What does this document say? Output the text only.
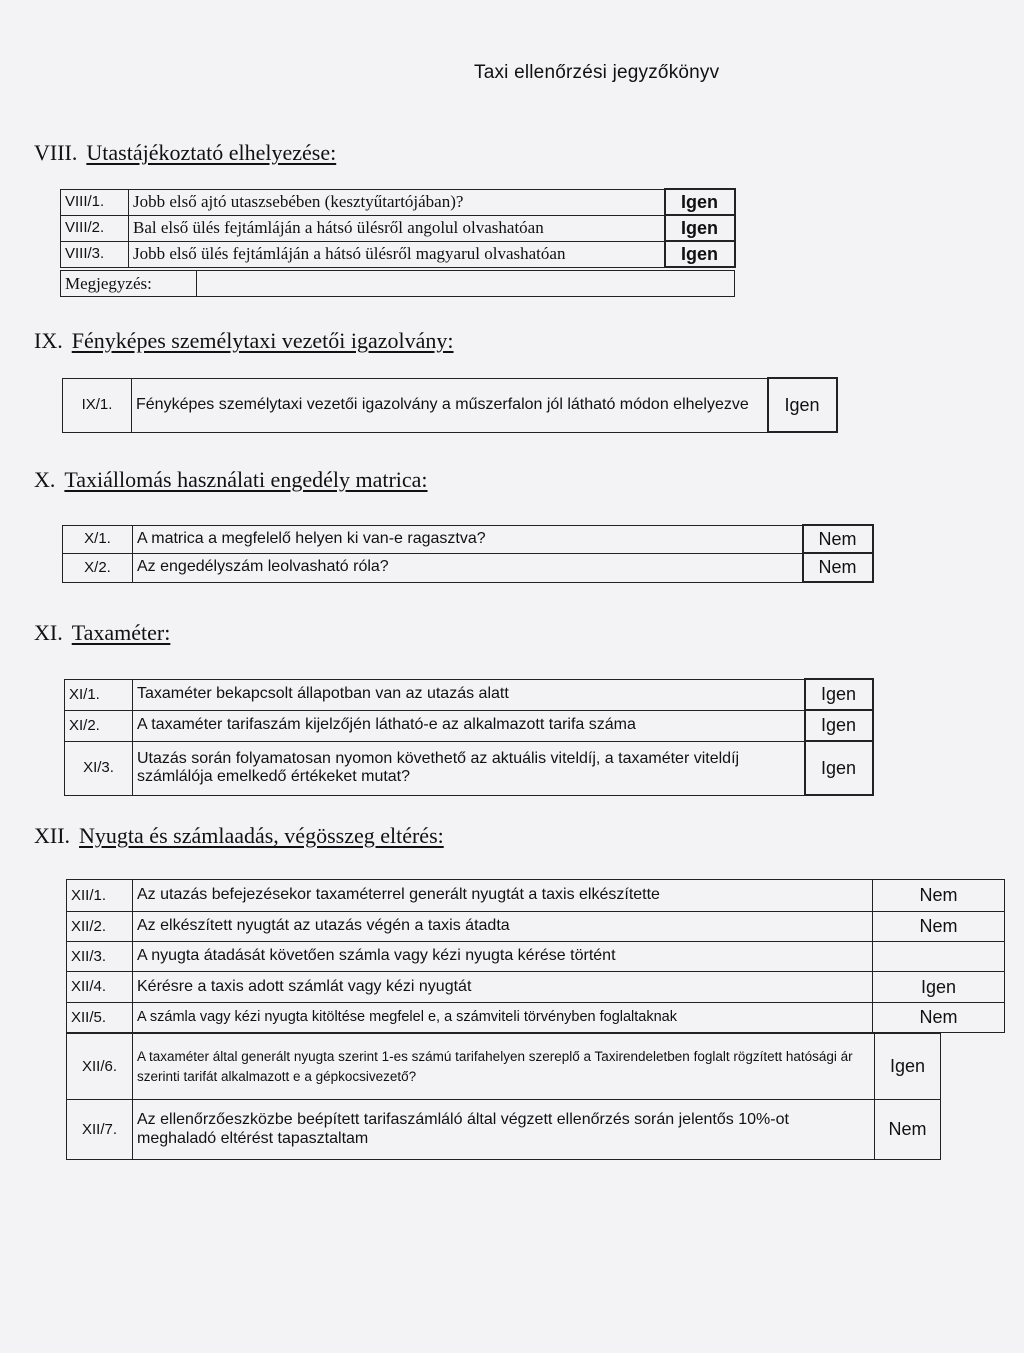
Taxi ellenőrzési jegyzőkönyv
VIII. Utastájékoztató elhelyezése:
VIII/1.	Jobb első ajtó utaszsebében (kesztyűtartójában)?	Igen
VIII/2.	Bal első ülés fejtámláján a hátsó ülésről angolul olvashatóan	Igen
VIII/3.	Jobb első ülés fejtámláján a hátsó ülésről magyarul olvashatóan	Igen
Megjegyzés:	
IX. Fényképes személytaxi vezetői igazolvány:
IX/1.	Fényképes személytaxi vezetői igazolvány a műszerfalon jól látható módon elhelyezve	Igen
X. Taxiállomás használati engedély matrica:
X/1.	A matrica a megfelelő helyen ki van-e ragasztva?	Nem
X/2.	Az engedélyszám leolvasható róla?	Nem
XI. Taxaméter:
XI/1.	Taxaméter bekapcsolt állapotban van az utazás alatt	Igen
XI/2.	A taxaméter tarifaszám kijelzőjén látható-e az alkalmazott tarifa száma	Igen
XI/3.	Utazás során folyamatosan nyomon követhető az aktuális viteldíj, a taxaméter viteldíj számlálója emelkedő értékeket mutat?	Igen
XII. Nyugta és számlaadás, végösszeg eltérés:
XII/1.	Az utazás befejezésekor taxaméterrel generált nyugtát a taxis elkészítette	Nem
XII/2.	Az elkészített nyugtát az utazás végén a taxis átadta	Nem
XII/3.	A nyugta átadását követően számla vagy kézi nyugta kérése történt	
XII/4.	Kérésre a taxis adott számlát vagy kézi nyugtát	Igen
XII/5.	A számla vagy kézi nyugta kitöltése megfelel e, a számviteli törvényben foglaltaknak	Nem
XII/6.	A taxaméter által generált nyugta szerint 1-es számú tarifahelyen szereplő a Taxirendeletben foglalt rögzített hatósági ár szerinti tarifát alkalmazott e a gépkocsivezető?	Igen
XII/7.	Az ellenőrzőeszközbe beépített tarifaszámláló által végzett ellenőrzés során jelentős 10%-ot meghaladó eltérést tapasztaltam	Nem
